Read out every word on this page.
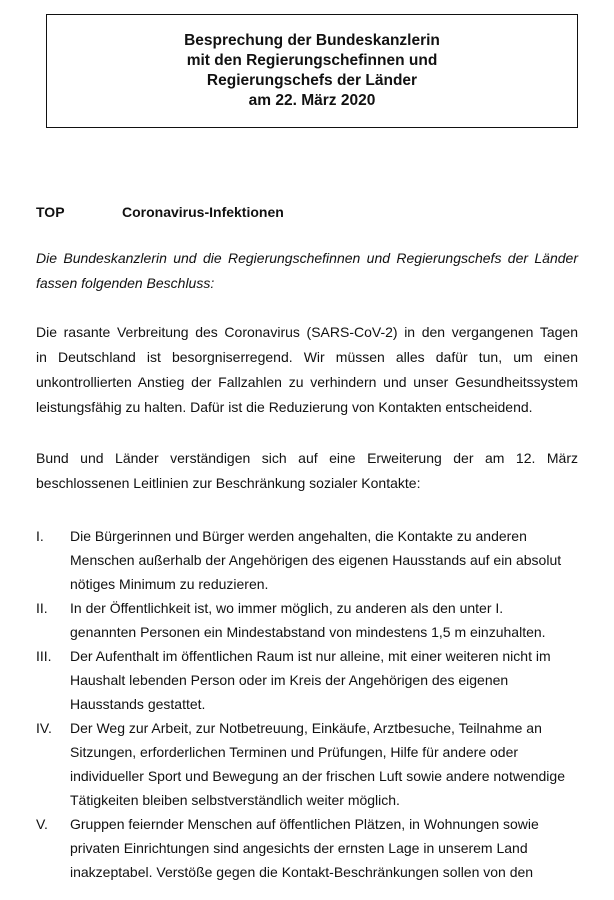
Besprechung der Bundeskanzlerin
mit den Regierungschefinnen und
Regierungschefs der Länder
am 22. März 2020
TOP	Coronavirus-Infektionen
Die Bundeskanzlerin und die Regierungschefinnen und Regierungschefs der Länder
fassen folgenden Beschluss:
Die rasante Verbreitung des Coronavirus (SARS-CoV-2) in den vergangenen Tagen
in Deutschland ist besorgniserregend. Wir müssen alles dafür tun, um einen
unkontrollierten Anstieg der Fallzahlen zu verhindern und unser Gesundheitssystem
leistungsfähig zu halten. Dafür ist die Reduzierung von Kontakten entscheidend.
Bund und Länder verständigen sich auf eine Erweiterung der am 12. März
beschlossenen Leitlinien zur Beschränkung sozialer Kontakte:
I. Die Bürgerinnen und Bürger werden angehalten, die Kontakte zu anderen
Menschen außerhalb der Angehörigen des eigenen Hausstands auf ein absolut
nötiges Minimum zu reduzieren.
II. In der Öffentlichkeit ist, wo immer möglich, zu anderen als den unter I.
genannten Personen ein Mindestabstand von mindestens 1,5 m einzuhalten.
III. Der Aufenthalt im öffentlichen Raum ist nur alleine, mit einer weiteren nicht im
Haushalt lebenden Person oder im Kreis der Angehörigen des eigenen
Hausstands gestattet.
IV. Der Weg zur Arbeit, zur Notbetreuung, Einkäufe, Arztbesuche, Teilnahme an
Sitzungen, erforderlichen Terminen und Prüfungen, Hilfe für andere oder
individueller Sport und Bewegung an der frischen Luft sowie andere notwendige
Tätigkeiten bleiben selbstverständlich weiter möglich.
V. Gruppen feiernder Menschen auf öffentlichen Plätzen, in Wohnungen sowie
privaten Einrichtungen sind angesichts der ernsten Lage in unserem Land
inakzeptabel. Verstöße gegen die Kontakt-Beschränkungen sollen von den
